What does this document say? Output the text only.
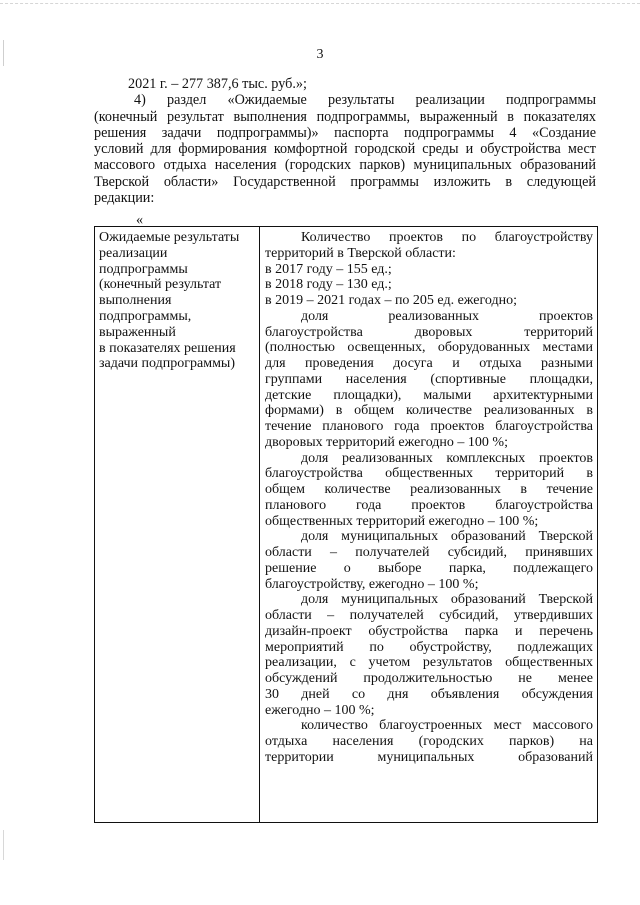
3
2021 г. – 277 387,6 тыс. руб.»;
4) раздел «Ожидаемые результаты реализации подпрограммы
(конечный результат выполнения подпрограммы, выраженный в показателях
решения задачи подпрограммы)» паспорта подпрограммы 4 «Создание
условий для формирования комфортной городской среды и обустройства мест
массового отдыха населения (городских парков) муниципальных образований
Тверской области» Государственной программы изложить в следующей
редакции:
«
Ожидаемые результаты
реализации
подпрограммы
(конечный результат
выполнения
подпрограммы,
выраженный
в показателях решения
задачи подпрограммы)
Количество проектов по благоустройству
территорий в Тверской области:
в 2017 году – 155 ед.;
в 2018 году – 130 ед.;
в 2019 – 2021 годах – по 205 ед. ежегодно;
доля реализованных проектов
благоустройства дворовых территорий
(полностью освещенных, оборудованных местами
для проведения досуга и отдыха разными
группами населения (спортивные площадки,
детские площадки), малыми архитектурными
формами) в общем количестве реализованных в
течение планового года проектов благоустройства
дворовых территорий ежегодно – 100 %;
доля реализованных комплексных проектов
благоустройства общественных территорий в
общем количестве реализованных в течение
планового года проектов благоустройства
общественных территорий ежегодно – 100 %;
доля муниципальных образований Тверской
области – получателей субсидий, принявших
решение о выборе парка, подлежащего
благоустройству, ежегодно – 100 %;
доля муниципальных образований Тверской
области – получателей субсидий, утвердивших
дизайн-проект обустройства парка и перечень
мероприятий по обустройству, подлежащих
реализации, с учетом результатов общественных
обсуждений продолжительностью не менее
30 дней со дня объявления обсуждения
ежегодно – 100 %;
количество благоустроенных мест массового
отдыха населения (городских парков) на
территории муниципальных образований
